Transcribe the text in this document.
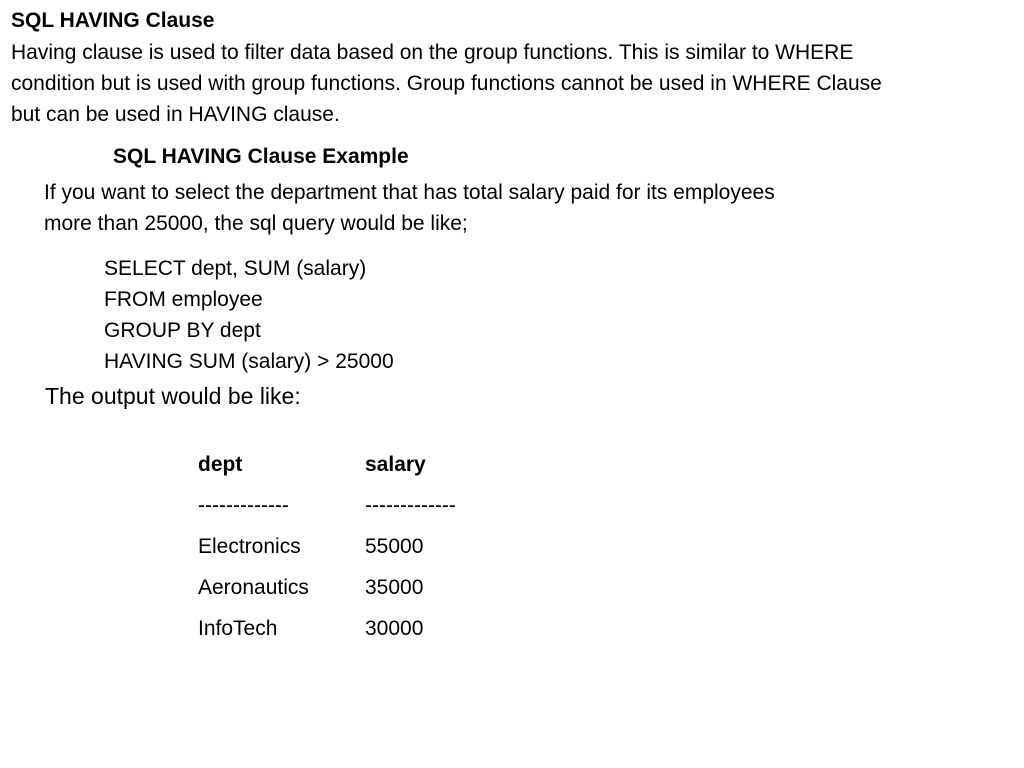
SQL HAVING Clause
Having clause is used to filter data based on the group functions. This is similar to WHERE
condition but is used with group functions. Group functions cannot be used in WHERE Clause
but can be used in HAVING clause.
SQL HAVING Clause Example
If you want to select the department that has total salary paid for its employees
more than 25000, the sql query would be like;
SELECT dept, SUM (salary)
FROM employee
GROUP BY dept
HAVING SUM (salary) > 25000
The output would be like:
dept	salary
-------------	-------------
Electronics	55000
Aeronautics	35000
InfoTech	30000
